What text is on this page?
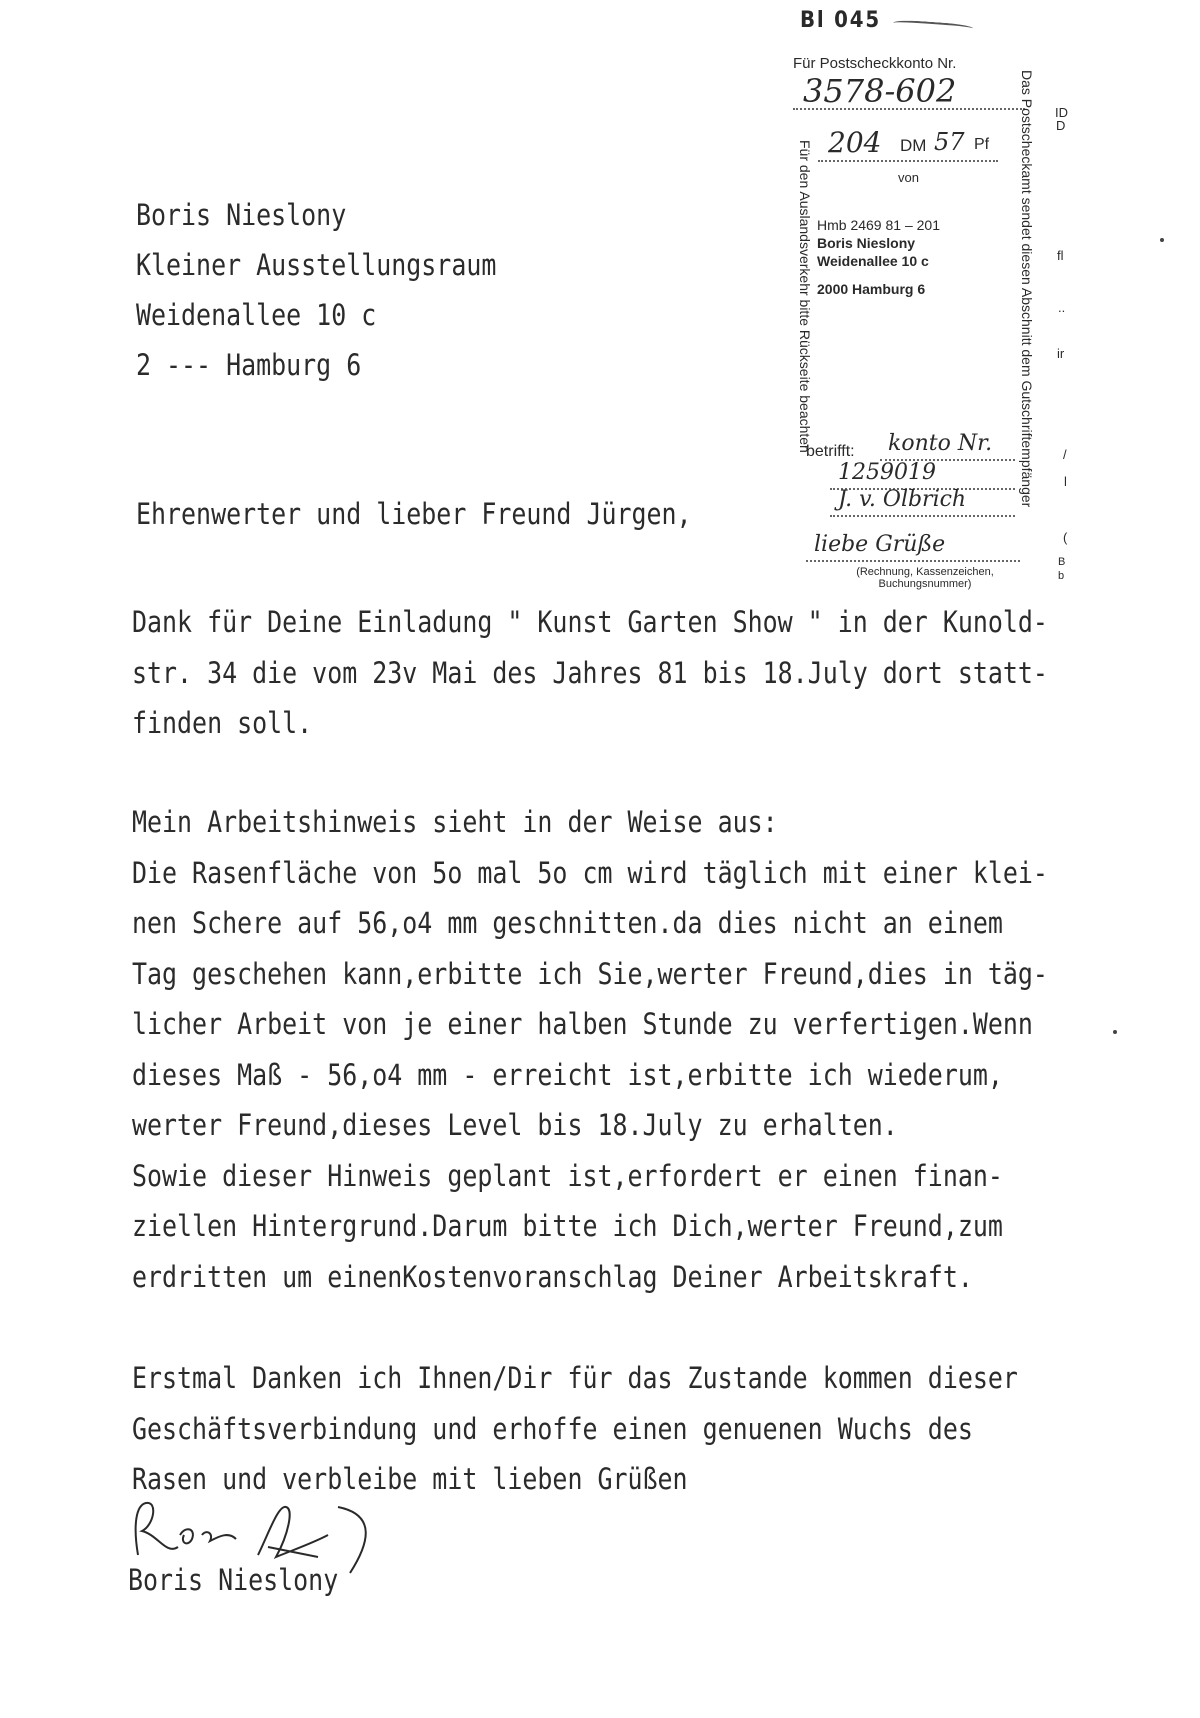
Bl 045
Für Postscheckkonto Nr.
3578-602
204 DM 57 Pf
von
Hmb 2469 81 – 201
Boris Nieslony
Weidenallee 10 c
2000 Hamburg 6
betrifft: konto Nr.
1259019
J. v. Olbrich
liebe Grüße
(Rechnung, Kassenzeichen, Buchungsnummer)
Für den Auslandsverkehr bitte Rückseite beachten	Das Postscheckamt sendet diesen Abschnitt dem Gutschriftempfänger ID
D
fl
..
ir
/
l
(
B
b
Boris Nieslony
Kleiner Ausstellungsraum
Weidenallee 10 c
2 --- Hamburg 6
Ehrenwerter und lieber Freund Jürgen,
Dank für Deine Einladung " Kunst Garten Show " in der Kunold-
str. 34 die vom 23v Mai des Jahres 81 bis 18.July dort statt-
finden soll.
Mein Arbeitshinweis sieht in der Weise aus:
Die Rasenfläche von 5o mal 5o cm wird täglich mit einer klei-
nen Schere auf 56,o4 mm geschnitten.da dies nicht an einem
Tag geschehen kann,erbitte ich Sie,werter Freund,dies in täg-
licher Arbeit von je einer halben Stunde zu verfertigen.Wenn
dieses Maß - 56,o4 mm - erreicht ist,erbitte ich wiederum,
werter Freund,dieses Level bis 18.July zu erhalten.
Sowie dieser Hinweis geplant ist,erfordert er einen finan-
ziellen Hintergrund.Darum bitte ich Dich,werter Freund,zum
erdritten um einenKostenvoranschlag Deiner Arbeitskraft.
Erstmal Danken ich Ihnen/Dir für das Zustande kommen dieser
Geschäftsverbindung und erhoffe einen genuenen Wuchs des
Rasen und verbleibe mit lieben Grüßen
Boris Nieslony
